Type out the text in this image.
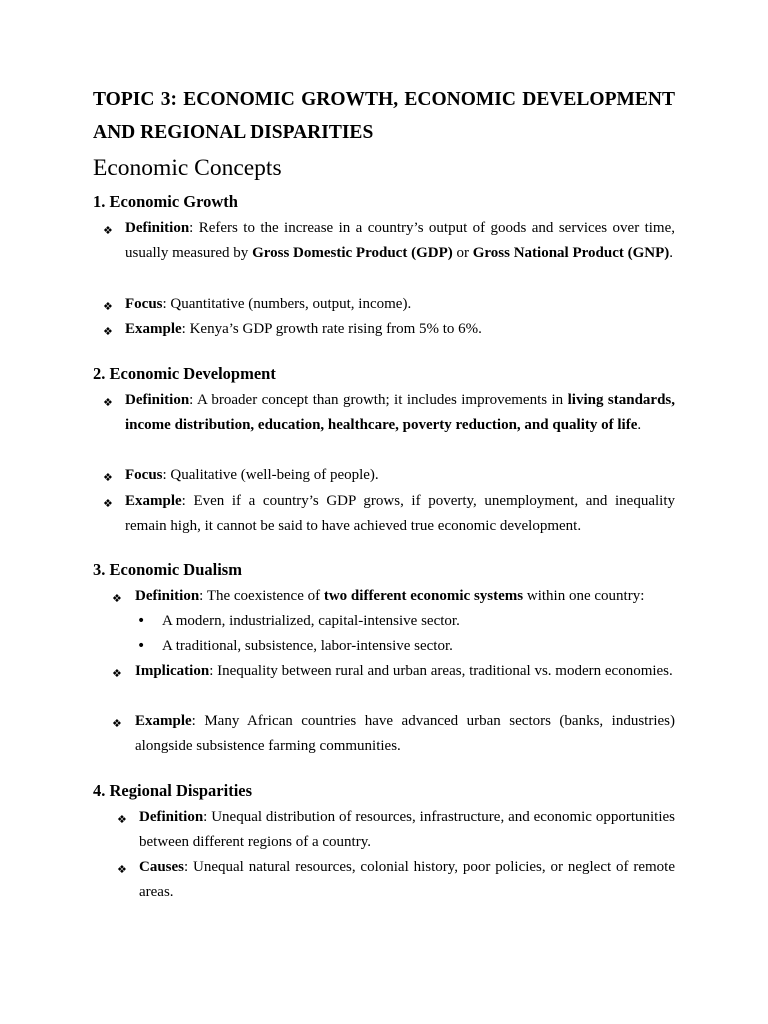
TOPIC 3: ECONOMIC GROWTH, ECONOMIC DEVELOPMENT AND REGIONAL DISPARITIES
Economic Concepts
1. Economic Growth
❖ Definition: Refers to the increase in a country’s output of goods and services over time, usually measured by Gross Domestic Product (GDP) or Gross National Product (GNP).
❖ Focus: Quantitative (numbers, output, income).
❖ Example: Kenya’s GDP growth rate rising from 5% to 6%.
2. Economic Development
❖ Definition: A broader concept than growth; it includes improvements in living standards, income distribution, education, healthcare, poverty reduction, and quality of life.
❖ Focus: Qualitative (well-being of people).
❖ Example: Even if a country’s GDP grows, if poverty, unemployment, and inequality remain high, it cannot be said to have achieved true economic development.
3. Economic Dualism
❖ Definition: The coexistence of two different economic systems within one country:
• A modern, industrialized, capital-intensive sector.
• A traditional, subsistence, labor-intensive sector.
❖ Implication: Inequality between rural and urban areas, traditional vs. modern economies.
❖ Example: Many African countries have advanced urban sectors (banks, industries) alongside subsistence farming communities.
4. Regional Disparities
❖ Definition: Unequal distribution of resources, infrastructure, and economic opportunities between different regions of a country.
❖ Causes: Unequal natural resources, colonial history, poor policies, or neglect of remote areas.
